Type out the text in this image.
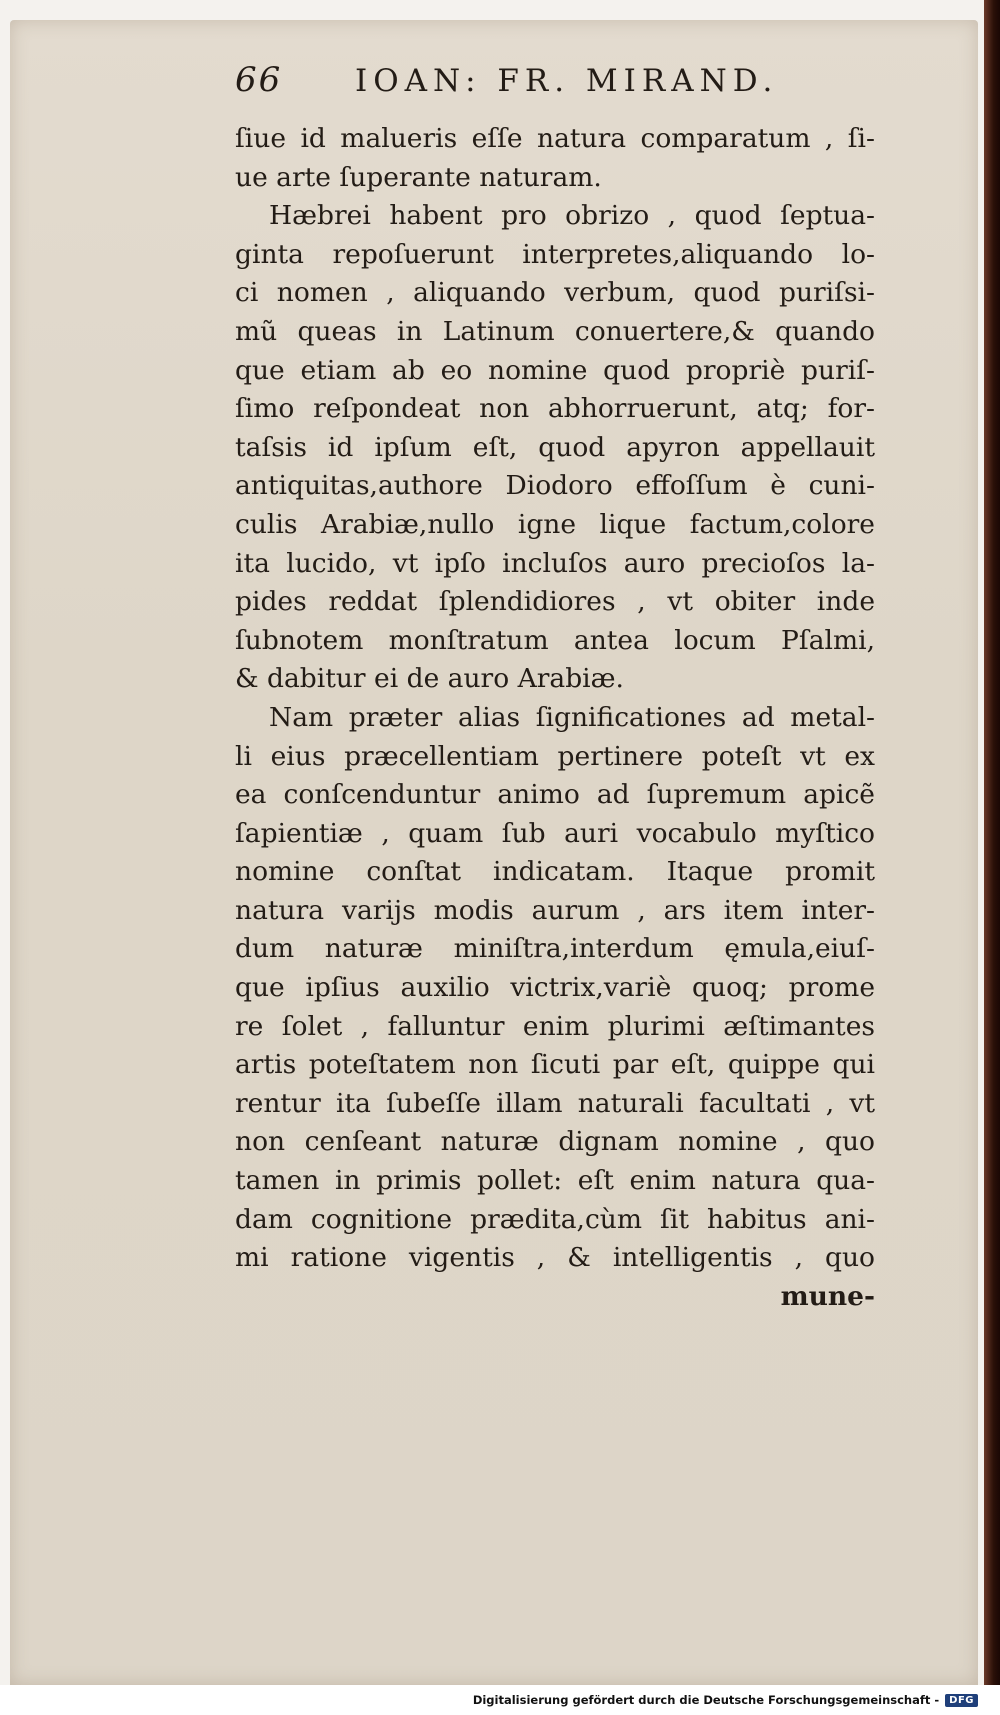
66	IOAN: FR. MIRAND.
ſiue id malueris eſſe natura comparatum , ſi-
ue arte ſuperante naturam.
Hæbrei habent pro obrizo , quod ſeptua-
ginta repoſuerunt interpretes,aliquando lo-
ci nomen , aliquando verbum, quod puriſsi-
mũ queas in Latinum conuertere,& quando
que etiam ab eo nomine quod propriè puriſ-
ſimo reſpondeat non abhorruerunt, atq; for-
taſsis id ipſum eſt, quod apyron appellauit
antiquitas,authore Diodoro effoſſum è cuni-
culis Arabiæ,nullo igne lique factum,colore
ita lucido, vt ipſo incluſos auro precioſos la-
pides reddat ſplendidiores , vt obiter inde
ſubnotem monſtratum antea locum Pſalmi,
& dabitur ei de auro Arabiæ.
Nam præter alias ſignificationes ad metal-
li eius præcellentiam pertinere poteſt vt ex
ea conſcenduntur animo ad ſupremum apicẽ
ſapientiæ , quam ſub auri vocabulo myſtico
nomine conſtat indicatam. Itaque promit
natura varijs modis aurum , ars item inter-
dum naturæ miniſtra,interdum ęmula,eiuſ-
que ipſius auxilio victrix,variè quoq; prome
re ſolet , falluntur enim plurimi æſtimantes
artis poteſtatem non ſicuti par eſt, quippe qui
rentur ita ſubeſſe illam naturali facultati , vt
non cenſeant naturæ dignam nomine , quo
tamen in primis pollet: eſt enim natura qua-
dam cognitione prædita,cùm ſit habitus ani-
mi ratione vigentis , & intelligentis , quo
mune-
Digitalisierung gefördert durch die Deutsche Forschungsgemeinschaft -	DFG
